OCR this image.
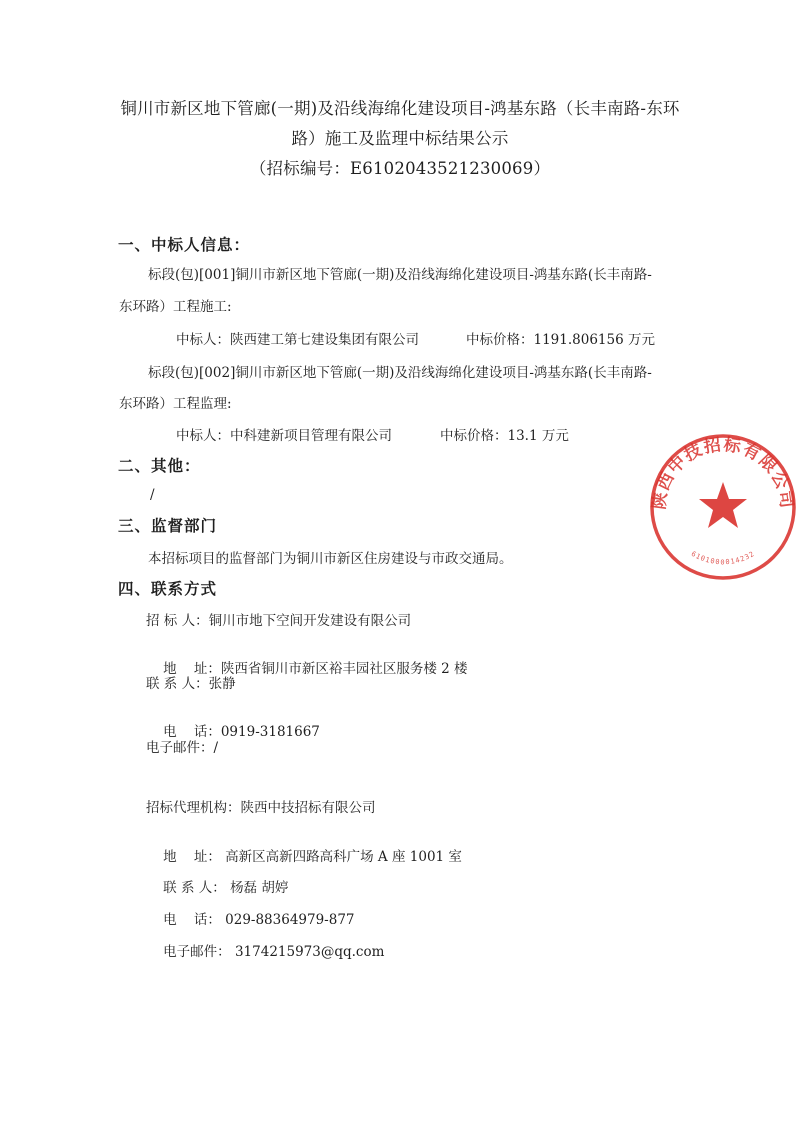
铜川市新区地下管廊(一期)及沿线海绵化建设项目-鸿基东路（长丰南路-东环
路）施工及监理中标结果公示
（招标编号：E6102043521230069）
一、中标人信息：
标段(包)[001]铜川市新区地下管廊(一期)及沿线海绵化建设项目-鸿基东路(长丰南路-
东环路）工程施工:
中标人：陕西建工第七建设集团有限公司	中标价格：1191.806156 万元
标段(包)[002]铜川市新区地下管廊(一期)及沿线海绵化建设项目-鸿基东路(长丰南路-
东环路）工程监理:
中标人：中科建新项目管理有限公司	中标价格：13.1 万元
二、其他：
/
三、监督部门
本招标项目的监督部门为铜川市新区住房建设与市政交通局。
四、联系方式
招 标 人：铜川市地下空间开发建设有限公司

地    址：陕西省铜川市新区裕丰园社区服务楼 2 楼

联 系 人：张静

电    话：0919-3181667

电子邮件：/
招标代理机构：陕西中技招标有限公司

地    址： 高新区高新四路高科广场 A 座 1001 室

联 系 人： 杨磊 胡婷

电    话： 029-88364979-877

电子邮件： 3174215973@qq.com

陕西中技招标有限公司
6101000014232
